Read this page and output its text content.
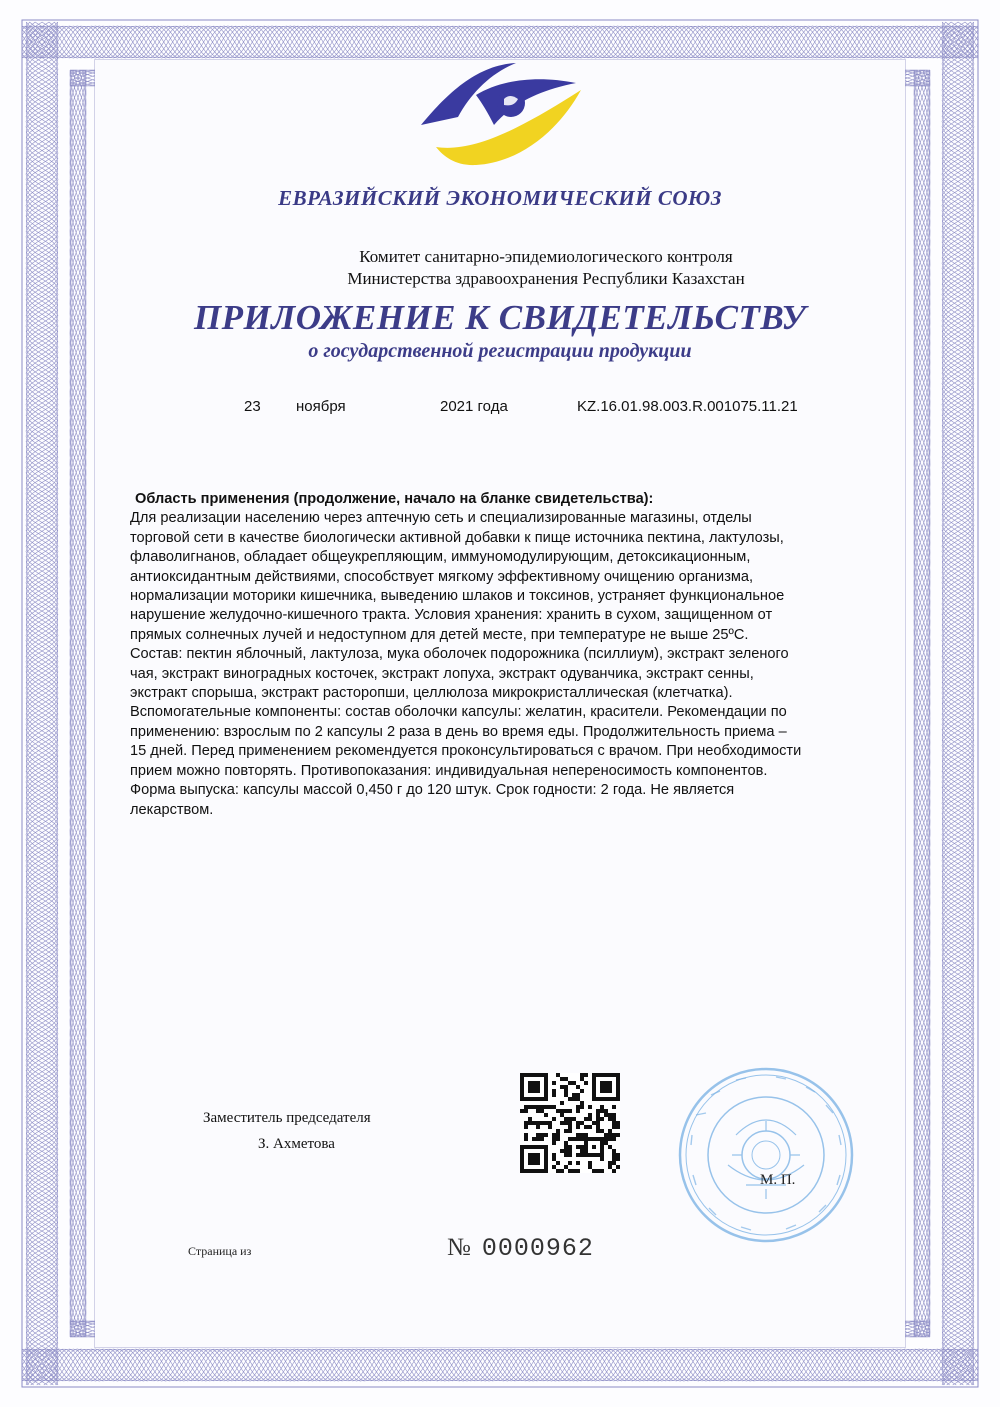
ЕВРАЗИЙСКИЙ ЭКОНОМИЧЕСКИЙ СОЮЗ
Комитет санитарно-эпидемиологического контроля
Министерства здравоохранения Республики Казахстан
ПРИЛОЖЕНИЕ К СВИДЕТЕЛЬСТВУ
о государственной регистрации продукции
23 ноября	2021 года	KZ.16.01.98.003.R.001075.11.21
Область применения (продолжение, начало на бланке свидетельства):
Для реализации населению через аптечную сеть и специализированные магазины, отделы
торговой сети в качестве биологически активной добавки к пище источника пектина, лактулозы,
флаволигнанов, обладает общеукрепляющим, иммуномодулирующим, детоксикационным,
антиоксидантным действиями, способствует мягкому эффективному очищению организма,
нормализации моторики кишечника, выведению шлаков и токсинов, устраняет функциональное
нарушение желудочно-кишечного тракта. Условия хранения: хранить в сухом, защищенном от
прямых солнечных лучей и недоступном для детей месте, при температуре не выше 25ºC.
Состав: пектин яблочный, лактулоза, мука оболочек подорожника (псиллиум), экстракт зеленого
чая, экстракт виноградных косточек, экстракт лопуха, экстракт одуванчика, экстракт сенны,
экстракт спорыша, экстракт расторопши, целлюлоза микрокристаллическая (клетчатка).
Вспомогательные компоненты: состав оболочки капсулы: желатин, красители. Рекомендации по
применению: взрослым по 2 капсулы 2 раза в день во время еды. Продолжительность приема –
15 дней. Перед применением рекомендуется проконсультироваться с врачом. При необходимости
прием можно повторять. Противопоказания: индивидуальная непереносимость компонентов.
Форма выпуска: капсулы массой 0,450 г до 120 штук. Срок годности: 2 года. Не является
лекарством.
Заместитель председателя
З. Ахметова
М. П.
Страница из	№ 0000962
